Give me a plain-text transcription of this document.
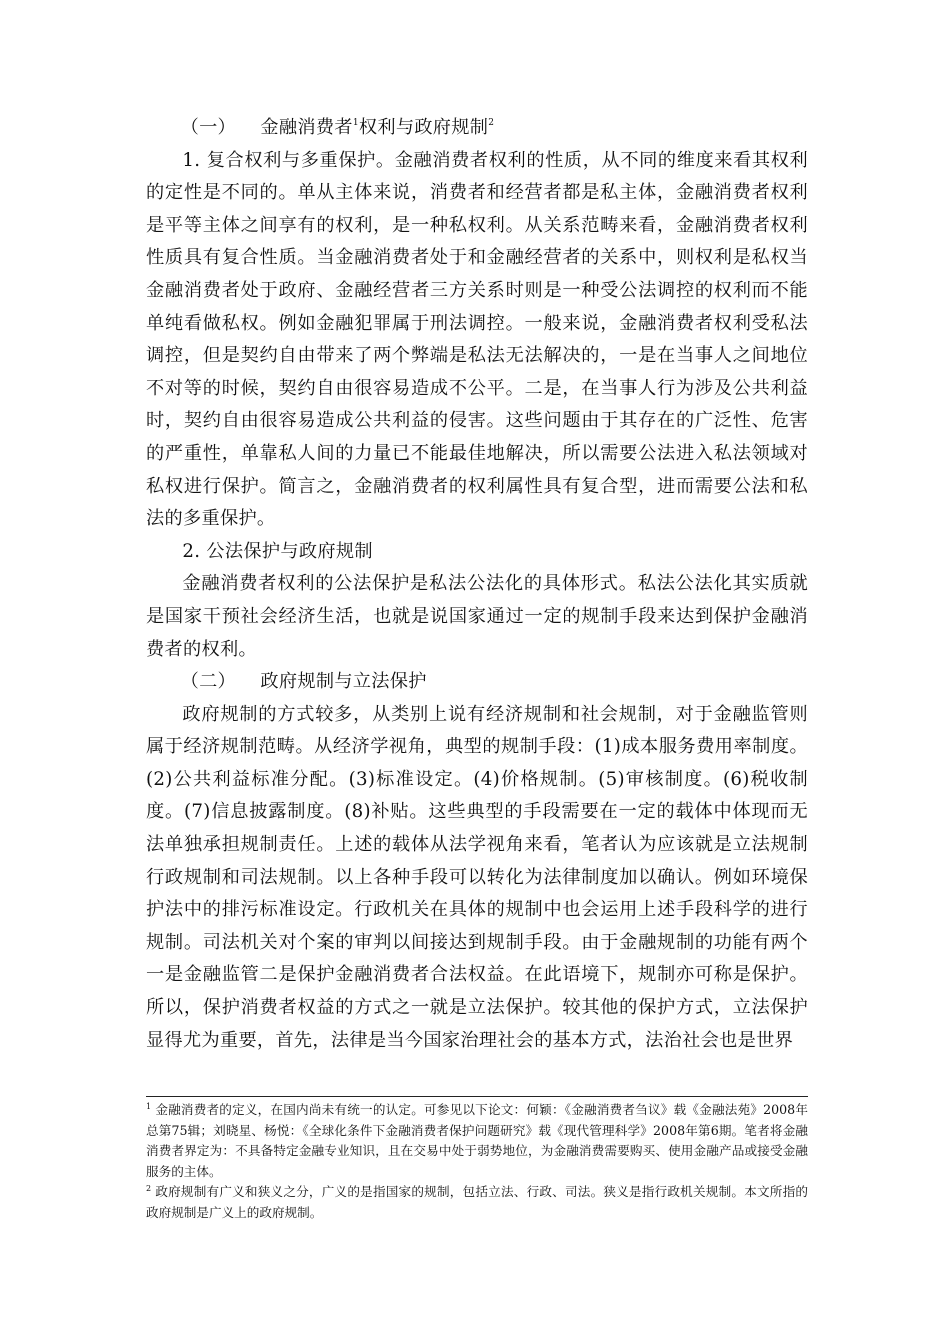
（一） 金融消费者$^1$权利与政府规制$^2$

1. 复合权利与多重保护。金融消费者权利的性质，从不同的维度来看其权利的定性是不同的。单从主体来说，消费者和经营者都是私主体，金融消费者权利是平等主体之间享有的权利，是一种私权利。从关系范畴来看，金融消费者权利性质具有复合性质。当金融消费者处于和金融经营者的关系中，则权利是私权当金融消费者处于政府、金融经营者三方关系时则是一种受公法调控的权利而不能单纯看做私权。例如金融犯罪属于刑法调控。一般来说，金融消费者权利受私法调控，但是契约自由带来了两个弊端是私法无法解决的，一是在当事人之间地位不对等的时候，契约自由很容易造成不公平。二是，在当事人行为涉及公共利益时，契约自由很容易造成公共利益的侵害。这些问题由于其存在的广泛性、危害的严重性，单靠私人间的力量已不能最佳地解决，所以需要公法进入私法领域对私权进行保护。简言之，金融消费者的权利属性具有复合型，进而需要公法和私法的多重保护。

2. 公法保护与政府规制

金融消费者权利的公法保护是私法公法化的具体形式。私法公法化其实质就是国家干预社会经济生活，也就是说国家通过一定的规制手段来达到保护金融消费者的权利。

（二） 政府规制与立法保护

政府规制的方式较多，从类别上说有经济规制和社会规制，对于金融监管则属于经济规制范畴。从经济学视角，典型的规制手段：(1)成本服务费用率制度。(2)公共利益标准分配。(3)标准设定。(4)价格规制。(5)审核制度。(6)税收制度。(7)信息披露制度。(8)补贴。这些典型的手段需要在一定的载体中体现而无法单独承担规制责任。上述的载体从法学视角来看，笔者认为应该就是立法规制行政规制和司法规制。以上各种手段可以转化为法律制度加以确认。例如环境保护法中的排污标准设定。行政机关在具体的规制中也会运用上述手段科学的进行规制。司法机关对个案的审判以间接达到规制手段。由于金融规制的功能有两个一是金融监管二是保护金融消费者合法权益。在此语境下，规制亦可称是保护。所以，保护消费者权益的方式之一就是立法保护。较其他的保护方式，立法保护显得尤为重要，首先，法律是当今国家治理社会的基本方式，法治社会也是世界

$^1$ 金融消费者的定义，在国内尚未有统一的认定。可参见以下论文：何颖：《金融消费者刍议》载《金融法苑》2008年总第75辑；刘晓星、杨悦：《全球化条件下金融消费者保护问题研究》载《现代管理科学》2008年第6期。笔者将金融消费者界定为：不具备特定金融专业知识，且在交易中处于弱势地位，为金融消费需要购买、使用金融产品或接受金融服务的主体。

$^2$ 政府规制有广义和狭义之分，广义的是指国家的规制，包括立法、行政、司法。狭义是指行政机关规制。本文所指的政府规制是广义上的政府规制。
